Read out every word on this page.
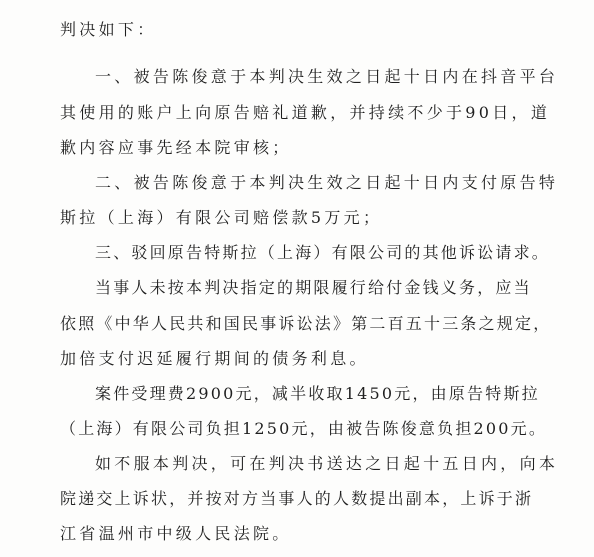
判决如下：
一、被告陈俊意于本判决生效之日起十日内在抖音平台
其使用的账户上向原告赔礼道歉，并持续不少于90日，道
歉内容应事先经本院审核；
二、被告陈俊意于本判决生效之日起十日内支付原告特
斯拉（上海）有限公司赔偿款5万元；
三、驳回原告特斯拉（上海）有限公司的其他诉讼请求。
当事人未按本判决指定的期限履行给付金钱义务，应当
依照《中华人民共和国民事诉讼法》第二百五十三条之规定，
加倍支付迟延履行期间的债务利息。
案件受理费2900元，减半收取1450元，由原告特斯拉
（上海）有限公司负担1250元，由被告陈俊意负担200元。
如不服本判决，可在判决书送达之日起十五日内，向本
院递交上诉状，并按对方当事人的人数提出副本，上诉于浙
江省温州市中级人民法院。
